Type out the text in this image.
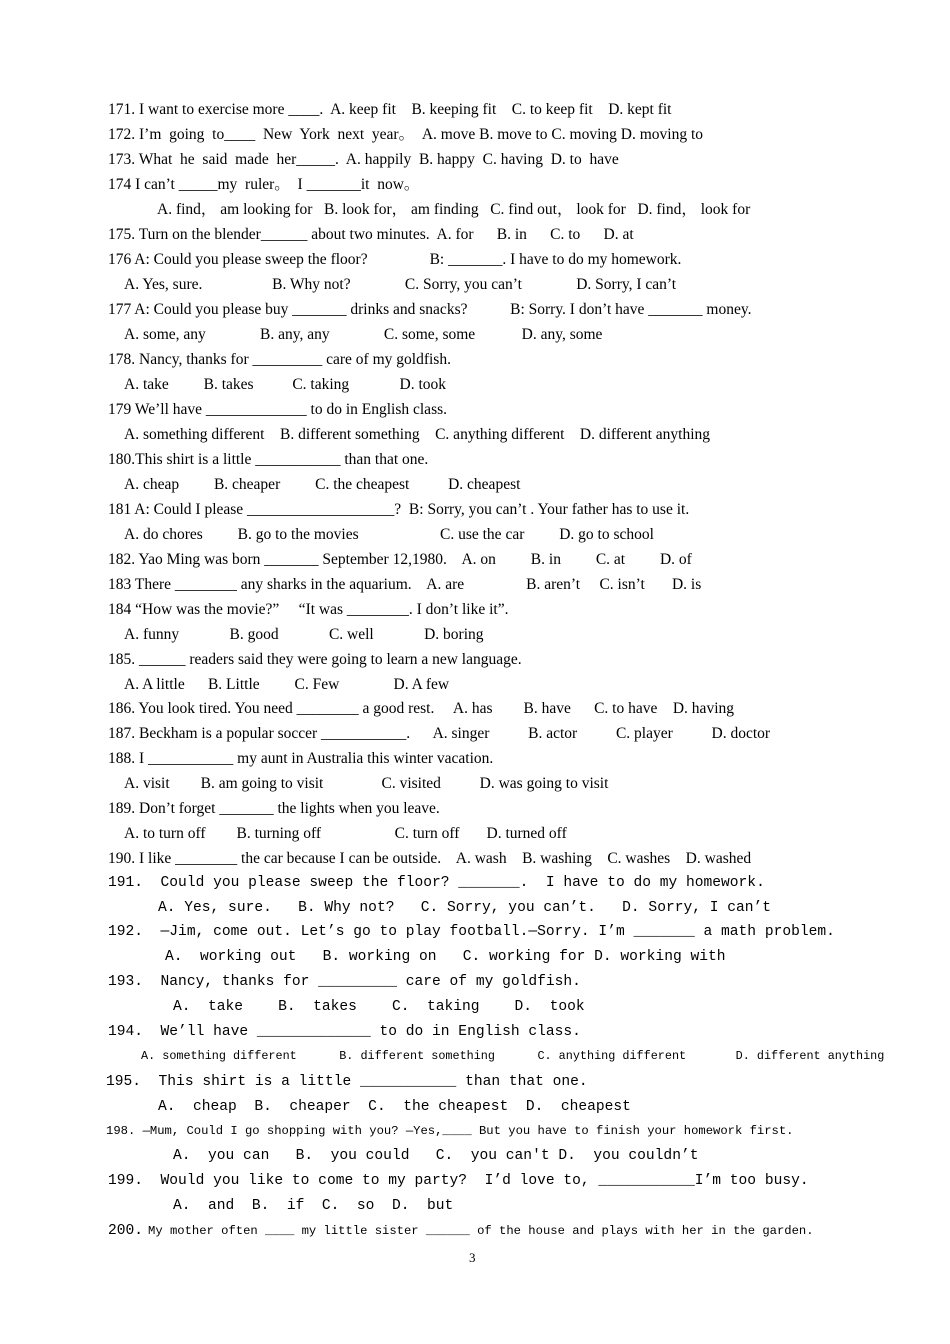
171. I want to exercise more ____.  A. keep fit    B. keeping fit    C. to keep fit    D. kept fit
172. I’m  going  to____  New  York  next  year。  A. move B. move to C. moving D. moving to
173. What  he  said  made  her_____.  A. happily  B. happy  C. having  D. to  have
174 I can’t _____my  ruler。  I _______it  now。
A. find， am looking for   B. look for， am finding   C. find out， look for   D. find， look for
175. Turn on the blender______ about two minutes.  A. for      B. in      C. to      D. at
176 A: Could you please sweep the floor?                B: _______. I have to do my homework.
A. Yes, sure.                  B. Why not?              C. Sorry, you can’t              D. Sorry, I can’t
177 A: Could you please buy _______ drinks and snacks?           B: Sorry. I don’t have _______ money.
A. some, any              B. any, any              C. some, some            D. any, some
178. Nancy, thanks for _________ care of my goldfish.
A. take         B. takes          C. taking             D. took
179 We’ll have _____________ to do in English class.
A. something different    B. different something    C. anything different    D. different anything
180.This shirt is a little ___________ than that one.
A. cheap         B. cheaper         C. the cheapest          D. cheapest
181 A: Could I please ___________________?  B: Sorry, you can’t . Your father has to use it.
A. do chores         B. go to the movies                     C. use the car         D. go to school
182. Yao Ming was born _______ September 12,1980.    A. on         B. in         C. at         D. of
183 There ________ any sharks in the aquarium.    A. are                B. aren’t     C. isn’t       D. is
184 “How was the movie?”     “It was ________. I don’t like it”.
A. funny             B. good             C. well             D. boring
185. ______ readers said they were going to learn a new language.
A. A little      B. Little         C. Few              D. A few
186. You look tired. You need ________ a good rest.     A. has        B. have      C. to have    D. having
187. Beckham is a popular soccer ___________.      A. singer          B. actor          C. player          D. doctor
188. I ___________ my aunt in Australia this winter vacation.
A. visit        B. am going to visit               C. visited          D. was going to visit
189. Don’t forget _______ the lights when you leave.
A. to turn off        B. turning off                   C. turn off       D. turned off
190. I like ________ the car because I can be outside.    A. wash    B. washing    C. washes    D. washed
191.  Could you please sweep the floor? _______.  I have to do my homework.
A. Yes, sure.   B. Why not?   C. Sorry, you can’t.   D. Sorry, I can’t
192.  —Jim, come out. Let’s go to play football.—Sorry. I’m _______ a math problem.
A.  working out   B. working on   C. working for D. working with
193.  Nancy, thanks for _________ care of my goldfish.
A.  take    B.  takes    C.  taking    D.  took
194.  We’ll have _____________ to do in English class.
A. something different      B. different something      C. anything different       D. different anything
195.  This shirt is a little ___________ than that one.
A.  cheap  B.  cheaper  C.  the cheapest  D.  cheapest
198. —Mum, Could I go shopping with you? —Yes,____ But you have to finish your homework first.
A.  you can   B.  you could   C.  you can't D.  you couldn’t
199.  Would you like to come to my party?  I’d love to, ___________I’m too busy.
A.  and  B.  if  C.  so  D.  but
200. My mother often ____ my little sister ______ of the house and plays with her in the garden.
3
